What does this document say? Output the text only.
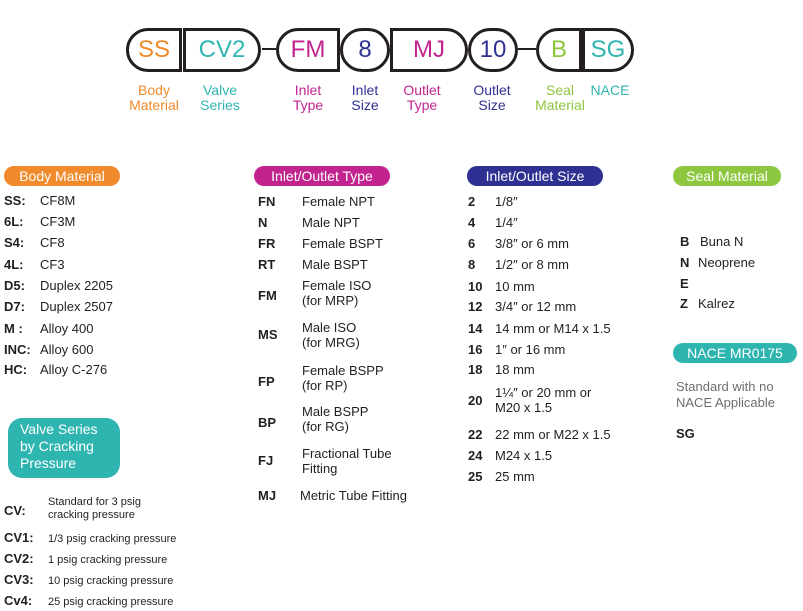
SS CV2 FM 8 MJ 10 B SG
Body
Material
Valve
Series
Inlet
Type
Inlet
Size
Outlet
Type
Outlet
Size
Seal
Material
NACE
Body Material
SS: CF8M
6L: CF3M
S4: CF8
4L: CF3
D5: Duplex 2205
D7: Duplex 2507
M : Alloy 400
INC: Alloy 600
HC: Alloy C-276
Valve Series
by Cracking
Pressure
CV:
Standard for 3 psig
cracking pressure
CV1: 1/3 psig cracking pressure
CV2: 1 psig cracking pressure
CV3: 10 psig cracking pressure
Cv4: 25 psig cracking pressure
Inlet/Outlet Type
FN Female NPT
N	Male NPT
FR Female BSPT
RT Male BSPT
FM
Female ISO
(for MRP)
MS Male ISO
(for MRG)
FP
Female BSPP
(for RP)
BP
Male BSPP
(for RG)
FJ Fractional Tube
Fitting
MJ Metric Tube Fitting
Inlet/Outlet Size
2 1/8″
4 1/4″
6 3/8″ or 6 mm
8 1/2″ or 8 mm
10 10 mm
12 3/4″ or 12 mm
14 14 mm or M14 x 1.5
16 1″ or 16 mm
18 18 mm
20
1¼″ or 20 mm or
M20 x 1.5
22 22 mm or M22 x 1.5
24 M24 x 1.5
25 25 mm
Seal Material
B Buna N
N Neoprene
E
Z Kalrez
NACE MR0175
Standard with no
NACE Applicable
SG
